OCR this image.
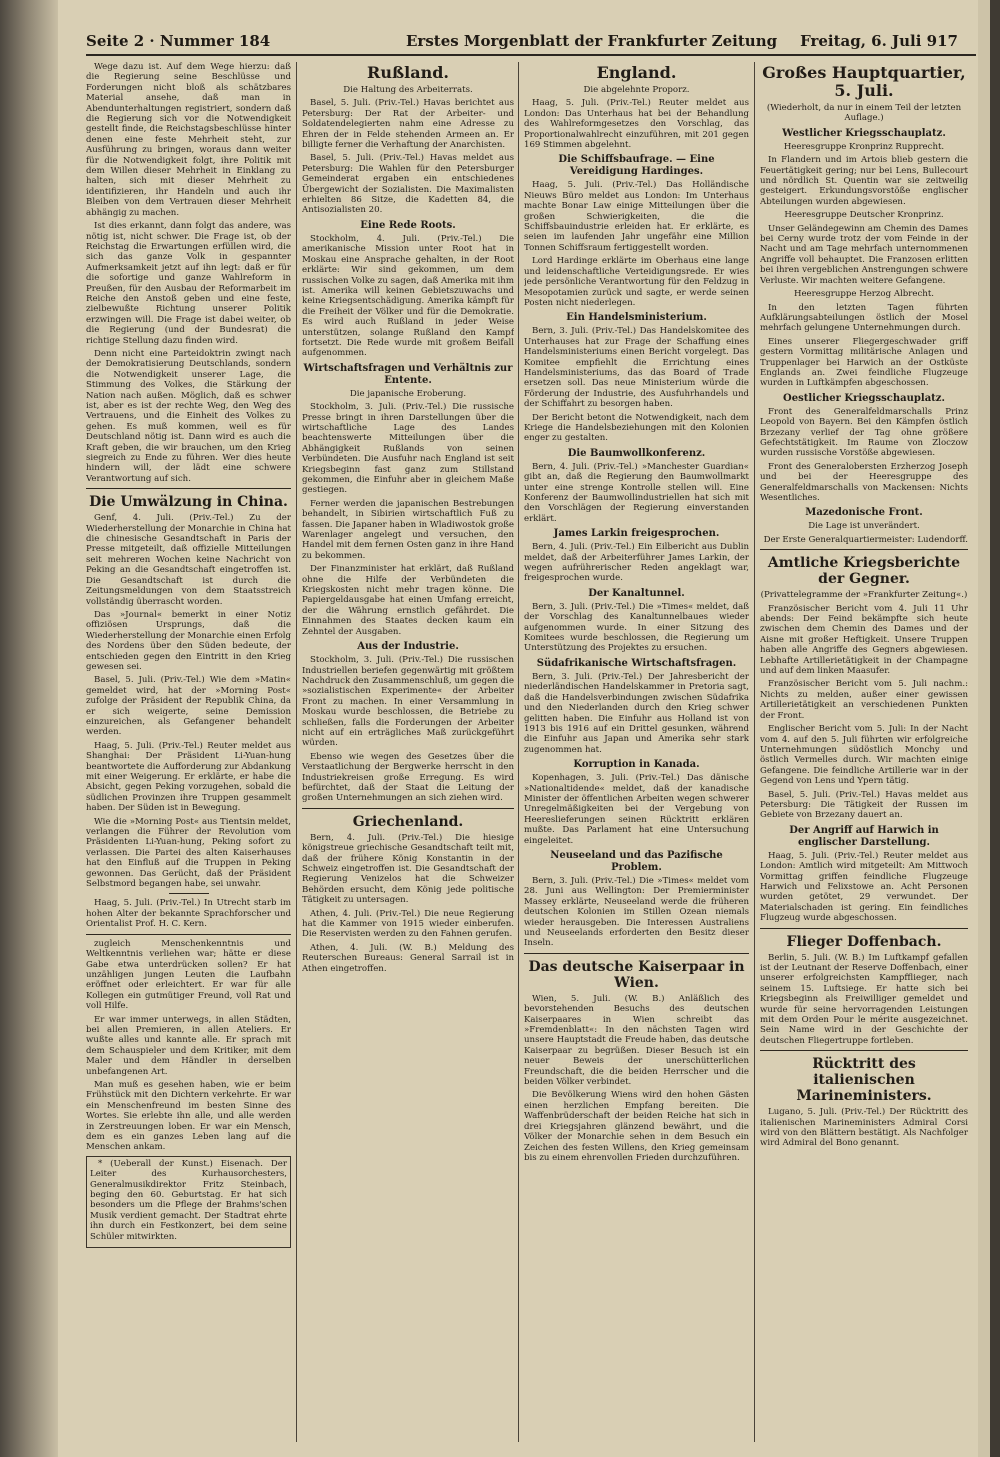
Seite 2 · Nummer 184	Erstes Morgenblatt der Frankfurter Zeitung Freitag, 6. Juli 917

Wege dazu ist. Auf dem Wege hierzu: daß die Regierung seine Beschlüsse und Forderungen nicht bloß als schätzbares Material ansehe, daß man in Abendunterhaltungen registriert, sondern daß die Regierung sich vor die Notwendigkeit gestellt finde, die Reichstagsbeschlüsse hinter denen eine feste Mehrheit steht, zur Ausführung zu bringen, woraus dann weiter für die Notwendigkeit folgt, ihre Politik mit dem Willen dieser Mehrheit in Einklang zu halten, sich mit dieser Mehrheit zu identifizieren, ihr Handeln und auch ihr Bleiben von dem Vertrauen dieser Mehrheit abhängig zu machen.

Ist dies erkannt, dann folgt das andere, was nötig ist, nicht schwer. Die Frage ist, ob der Reichstag die Erwartungen erfüllen wird, die sich das ganze Volk in gespannter Aufmerksamkeit jetzt auf ihn legt: daß er für die sofortige und ganze Wahlreform in Preußen, für den Ausbau der Reformarbeit im Reiche den Anstoß geben und eine feste, zielbewußte Richtung unserer Politik erzwingen will. Die Frage ist dabei weiter, ob die Regierung (und der Bundesrat) die richtige Stellung dazu finden wird.

Denn nicht eine Parteidoktrin zwingt nach der Demokratisierung Deutschlands, sondern die Notwendigkeit unserer Lage, die Stimmung des Volkes, die Stärkung der Nation nach außen. Möglich, daß es schwer ist, aber es ist der rechte Weg, den Weg des Vertrauens, und die Einheit des Volkes zu gehen. Es muß kommen, weil es für Deutschland nötig ist. Dann wird es auch die Kraft geben, die wir brauchen, um den Krieg siegreich zu Ende zu führen. Wer dies heute hindern will, der lädt eine schwere Verantwortung auf sich.

Die Umwälzung in China.

Genf, 4. Juli. (Priv.-Tel.) Zu der Wiederherstellung der Monarchie in China hat die chinesische Gesandtschaft in Paris der Presse mitgeteilt, daß offizielle Mitteilungen seit mehreren Wochen keine Nachricht von Peking an die Gesandtschaft eingetroffen ist. Die Gesandtschaft ist durch die Zeitungsmeldungen von dem Staatsstreich vollständig überrascht worden.

Das »Journal« bemerkt in einer Notiz offiziösen Ursprungs, daß die Wiederherstellung der Monarchie einen Erfolg des Nordens über den Süden bedeute, der entschieden gegen den Eintritt in den Krieg gewesen sei.

Basel, 5. Juli. (Priv.-Tel.) Wie dem »Matin« gemeldet wird, hat der »Morning Post« zufolge der Präsident der Republik China, da er sich weigerte, seine Demission einzureichen, als Gefangener behandelt werden.

Haag, 5. Juli. (Priv.-Tel.) Reuter meldet aus Shanghai: Der Präsident Li-Yuan-hung beantwortete die Aufforderung zur Abdankung mit einer Weigerung. Er erklärte, er habe die Absicht, gegen Peking vorzugehen, sobald die südlichen Provinzen ihre Truppen gesammelt haben. Der Süden ist in Bewegung.

Wie die »Morning Post« aus Tientsin meldet, verlangen die Führer der Revolution vom Präsidenten Li-Yuan-hung, Peking sofort zu verlassen. Die Partei des alten Kaiserhauses hat den Einfluß auf die Truppen in Peking gewonnen. Das Gerücht, daß der Präsident Selbstmord begangen habe, sei unwahr.

Haag, 5. Juli. (Priv.-Tel.) In Utrecht starb im hohen Alter der bekannte Sprachforscher und Orientalist Prof. H. C. Kern.

zugleich Menschenkenntnis und Weltkenntnis verliehen war; hätte er diese Gabe etwa unterdrücken sollen? Er hat unzähligen jungen Leuten die Laufbahn eröffnet oder erleichtert. Er war für alle Kollegen ein gutmütiger Freund, voll Rat und voll Hilfe.

Er war immer unterwegs, in allen Städten, bei allen Premieren, in allen Ateliers. Er wußte alles und kannte alle. Er sprach mit dem Schauspieler und dem Kritiker, mit dem Maler und dem Händler in derselben unbefangenen Art.

Man muß es gesehen haben, wie er beim Frühstück mit den Dichtern verkehrte. Er war ein Menschenfreund im besten Sinne des Wortes. Sie erlebte ihn alle, und alle werden in Zerstreuungen loben. Er war ein Mensch, dem es ein ganzes Leben lang auf die Menschen ankam.

* (Ueberall der Kunst.) Eisenach. Der Leiter des Kurhausorchesters, Generalmusikdirektor Fritz Steinbach, beging den 60. Geburtstag. Er hat sich besonders um die Pflege der Brahms'schen Musik verdient gemacht. Der Stadtrat ehrte ihn durch ein Festkonzert, bei dem seine Schüler mitwirkten.

Rußland.

Die Haltung des Arbeiterrats.

Basel, 5. Juli. (Priv.-Tel.) Havas berichtet aus Petersburg: Der Rat der Arbeiter- und Soldatendelegierten nahm eine Adresse zu Ehren der in Felde stehenden Armeen an. Er billigte ferner die Verhaftung der Anarchisten.

Basel, 5. Juli. (Priv.-Tel.) Havas meldet aus Petersburg: Die Wahlen für den Petersburger Gemeinderat ergaben ein entschiedenes Übergewicht der Sozialisten. Die Maximalisten erhielten 86 Sitze, die Kadetten 84, die Antisozialisten 20.

Eine Rede Roots.

Stockholm, 4. Juli. (Priv.-Tel.) Die amerikanische Mission unter Root hat in Moskau eine Ansprache gehalten, in der Root erklärte: Wir sind gekommen, um dem russischen Volke zu sagen, daß Amerika mit ihm ist. Amerika will keinen Gebietszuwachs und keine Kriegsentschädigung. Amerika kämpft für die Freiheit der Völker und für die Demokratie. Es wird auch Rußland in jeder Weise unterstützen, solange Rußland den Kampf fortsetzt. Die Rede wurde mit großem Beifall aufgenommen.

Wirtschaftsfragen und Verhältnis zur Entente.

Die japanische Eroberung.

Stockholm, 3. Juli. (Priv.-Tel.) Die russische Presse bringt in ihren Darstellungen über die wirtschaftliche Lage des Landes beachtenswerte Mitteilungen über die Abhängigkeit Rußlands von seinen Verbündeten. Die Ausfuhr nach England ist seit Kriegsbeginn fast ganz zum Stillstand gekommen, die Einfuhr aber in gleichem Maße gestiegen.

Ferner werden die japanischen Bestrebungen behandelt, in Sibirien wirtschaftlich Fuß zu fassen. Die Japaner haben in Wladiwostok große Warenlager angelegt und versuchen, den Handel mit dem fernen Osten ganz in ihre Hand zu bekommen.

Der Finanzminister hat erklärt, daß Rußland ohne die Hilfe der Verbündeten die Kriegskosten nicht mehr tragen könne. Die Papiergeldausgabe hat einen Umfang erreicht, der die Währung ernstlich gefährdet. Die Einnahmen des Staates decken kaum ein Zehntel der Ausgaben.

Aus der Industrie.

Stockholm, 3. Juli. (Priv.-Tel.) Die russischen Industriellen beriefen gegenwärtig mit größtem Nachdruck den Zusammenschluß, um gegen die »sozialistischen Experimente« der Arbeiter Front zu machen. In einer Versammlung in Moskau wurde beschlossen, die Betriebe zu schließen, falls die Forderungen der Arbeiter nicht auf ein erträgliches Maß zurückgeführt würden.

Ebenso wie wegen des Gesetzes über die Verstaatlichung der Bergwerke herrscht in den Industriekreisen große Erregung. Es wird befürchtet, daß der Staat die Leitung der großen Unternehmungen an sich ziehen wird.

Griechenland.

Bern, 4. Juli. (Priv.-Tel.) Die hiesige königstreue griechische Gesandtschaft teilt mit, daß der frühere König Konstantin in der Schweiz eingetroffen ist. Die Gesandtschaft der Regierung Venizelos hat die Schweizer Behörden ersucht, dem König jede politische Tätigkeit zu untersagen.

Athen, 4. Juli. (Priv.-Tel.) Die neue Regierung hat die Kammer von 1915 wieder einberufen. Die Reservisten werden zu den Fahnen gerufen.

Athen, 4. Juli. (W. B.) Meldung des Reuterschen Bureaus: General Sarrail ist in Athen eingetroffen.

England.

Die abgelehnte Proporz.

Haag, 5. Juli. (Priv.-Tel.) Reuter meldet aus London: Das Unterhaus hat bei der Behandlung des Wahlreformgesetzes den Vorschlag, das Proportionalwahlrecht einzuführen, mit 201 gegen 169 Stimmen abgelehnt.

Die Schiffsbaufrage. — Eine Vereidigung Hardinges.

Haag, 5. Juli. (Priv.-Tel.) Das Holländische Nieuws Büro meldet aus London: Im Unterhaus machte Bonar Law einige Mitteilungen über die großen Schwierigkeiten, die die Schiffsbauindustrie erleiden hat. Er erklärte, es seien im laufenden Jahr ungefähr eine Million Tonnen Schiffsraum fertiggestellt worden.

Lord Hardinge erklärte im Oberhaus eine lange und leidenschaftliche Verteidigungsrede. Er wies jede persönliche Verantwortung für den Feldzug in Mesopotamien zurück und sagte, er werde seinen Posten nicht niederlegen.

Ein Handelsministerium.

Bern, 3. Juli. (Priv.-Tel.) Das Handelskomitee des Unterhauses hat zur Frage der Schaffung eines Handelsministeriums einen Bericht vorgelegt. Das Komitee empfiehlt die Errichtung eines Handelsministeriums, das das Board of Trade ersetzen soll. Das neue Ministerium würde die Förderung der Industrie, des Ausfuhrhandels und der Schiffahrt zu besorgen haben.

Der Bericht betont die Notwendigkeit, nach dem Kriege die Handelsbeziehungen mit den Kolonien enger zu gestalten.

Die Baumwollkonferenz.

Bern, 4. Juli. (Priv.-Tel.) »Manchester Guardian« gibt an, daß die Regierung den Baumwollmarkt unter eine strenge Kontrolle stellen will. Eine Konferenz der Baumwollindustriellen hat sich mit den Vorschlägen der Regierung einverstanden erklärt.

James Larkin freigesprochen.

Bern, 4. Juli. (Priv.-Tel.) Ein Eilbericht aus Dublin meldet, daß der Arbeiterführer James Larkin, der wegen aufrührerischer Reden angeklagt war, freigesprochen wurde.

Der Kanaltunnel.

Bern, 3. Juli. (Priv.-Tel.) Die »Times« meldet, daß der Vorschlag des Kanaltunnelbaues wieder aufgenommen wurde. In einer Sitzung des Komitees wurde beschlossen, die Regierung um Unterstützung des Projektes zu ersuchen.

Südafrikanische Wirtschaftsfragen.

Bern, 3. Juli. (Priv.-Tel.) Der Jahresbericht der niederländischen Handelskammer in Pretoria sagt, daß die Handelsverbindungen zwischen Südafrika und den Niederlanden durch den Krieg schwer gelitten haben. Die Einfuhr aus Holland ist von 1913 bis 1916 auf ein Drittel gesunken, während die Einfuhr aus Japan und Amerika sehr stark zugenommen hat.

Korruption in Kanada.

Kopenhagen, 3. Juli. (Priv.-Tel.) Das dänische »Nationaltidende« meldet, daß der kanadische Minister der öffentlichen Arbeiten wegen schwerer Unregelmäßigkeiten bei der Vergebung von Heereslieferungen seinen Rücktritt erklären mußte. Das Parlament hat eine Untersuchung eingeleitet.

Neuseeland und das Pazifische Problem.

Bern, 3. Juli. (Priv.-Tel.) Die »Times« meldet vom 28. Juni aus Wellington: Der Premierminister Massey erklärte, Neuseeland werde die früheren deutschen Kolonien im Stillen Ozean niemals wieder herausgeben. Die Interessen Australiens und Neuseelands erforderten den Besitz dieser Inseln.

Das deutsche Kaiserpaar in Wien.

Wien, 5. Juli. (W. B.) Anläßlich des bevorstehenden Besuchs des deutschen Kaiserpaares in Wien schreibt das »Fremdenblatt«: In den nächsten Tagen wird unsere Hauptstadt die Freude haben, das deutsche Kaiserpaar zu begrüßen. Dieser Besuch ist ein neuer Beweis der unerschütterlichen Freundschaft, die die beiden Herrscher und die beiden Völker verbindet.

Die Bevölkerung Wiens wird den hohen Gästen einen herzlichen Empfang bereiten. Die Waffenbrüderschaft der beiden Reiche hat sich in drei Kriegsjahren glänzend bewährt, und die Völker der Monarchie sehen in dem Besuch ein Zeichen des festen Willens, den Krieg gemeinsam bis zu einem ehrenvollen Frieden durchzuführen.

Großes Hauptquartier, 5. Juli.

(Wiederholt, da nur in einem Teil der letzten Auflage.)

Westlicher Kriegsschauplatz.

Heeresgruppe Kronprinz Rupprecht.

In Flandern und im Artois blieb gestern die Feuertätigkeit gering; nur bei Lens, Bullecourt und nördlich St. Quentin war sie zeitweilig gesteigert. Erkundungsvorstöße englischer Abteilungen wurden abgewiesen.

Heeresgruppe Deutscher Kronprinz.

Unser Geländegewinn am Chemin des Dames bei Cerny wurde trotz der vom Feinde in der Nacht und am Tage mehrfach unternommenen Angriffe voll behauptet. Die Franzosen erlitten bei ihren vergeblichen Anstrengungen schwere Verluste. Wir machten weitere Gefangene.

Heeresgruppe Herzog Albrecht.

In den letzten Tagen führten Aufklärungsabteilungen östlich der Mosel mehrfach gelungene Unternehmungen durch.

Eines unserer Fliegergeschwader griff gestern Vormittag militärische Anlagen und Truppenlager bei Harwich an der Ostküste Englands an. Zwei feindliche Flugzeuge wurden in Luftkämpfen abgeschossen.

Oestlicher Kriegsschauplatz.

Front des Generalfeldmarschalls Prinz Leopold von Bayern. Bei den Kämpfen östlich Brzezany verlief der Tag ohne größere Gefechtstätigkeit. Im Raume von Zloczow wurden russische Vorstöße abgewiesen.

Front des Generalobersten Erzherzog Joseph und bei der Heeresgruppe des Generalfeldmarschalls von Mackensen: Nichts Wesentliches.

Mazedonische Front.

Die Lage ist unverändert.

Der Erste Generalquartiermeister: Ludendorff.

Amtliche Kriegsberichte der Gegner.

(Privattelegramme der »Frankfurter Zeitung«.)

Französischer Bericht vom 4. Juli 11 Uhr abends: Der Feind bekämpfte sich heute zwischen dem Chemin des Dames und der Aisne mit großer Heftigkeit. Unsere Truppen haben alle Angriffe des Gegners abgewiesen. Lebhafte Artillerietätigkeit in der Champagne und auf dem linken Maasufer.

Französischer Bericht vom 5. Juli nachm.: Nichts zu melden, außer einer gewissen Artillerietätigkeit an verschiedenen Punkten der Front.

Englischer Bericht vom 5. Juli: In der Nacht vom 4. auf den 5. Juli führten wir erfolgreiche Unternehmungen südöstlich Monchy und östlich Vermelles durch. Wir machten einige Gefangene. Die feindliche Artillerie war in der Gegend von Lens und Ypern tätig.

Basel, 5. Juli. (Priv.-Tel.) Havas meldet aus Petersburg: Die Tätigkeit der Russen im Gebiete von Brzezany dauert an.

Der Angriff auf Harwich in englischer Darstellung.

Haag, 5. Juli. (Priv.-Tel.) Reuter meldet aus London: Amtlich wird mitgeteilt: Am Mittwoch Vormittag griffen feindliche Flugzeuge Harwich und Felixstowe an. Acht Personen wurden getötet, 29 verwundet. Der Materialschaden ist gering. Ein feindliches Flugzeug wurde abgeschossen.

Flieger Doffenbach.

Berlin, 5. Juli. (W. B.) Im Luftkampf gefallen ist der Leutnant der Reserve Doffenbach, einer unserer erfolgreichsten Kampfflieger, nach seinem 15. Luftsiege. Er hatte sich bei Kriegsbeginn als Freiwilliger gemeldet und wurde für seine hervorragenden Leistungen mit dem Orden Pour le mérite ausgezeichnet. Sein Name wird in der Geschichte der deutschen Fliegertruppe fortleben.

Rücktritt des italienischen Marineministers.

Lugano, 5. Juli. (Priv.-Tel.) Der Rücktritt des italienischen Marineministers Admiral Corsi wird von den Blättern bestätigt. Als Nachfolger wird Admiral del Bono genannt.
